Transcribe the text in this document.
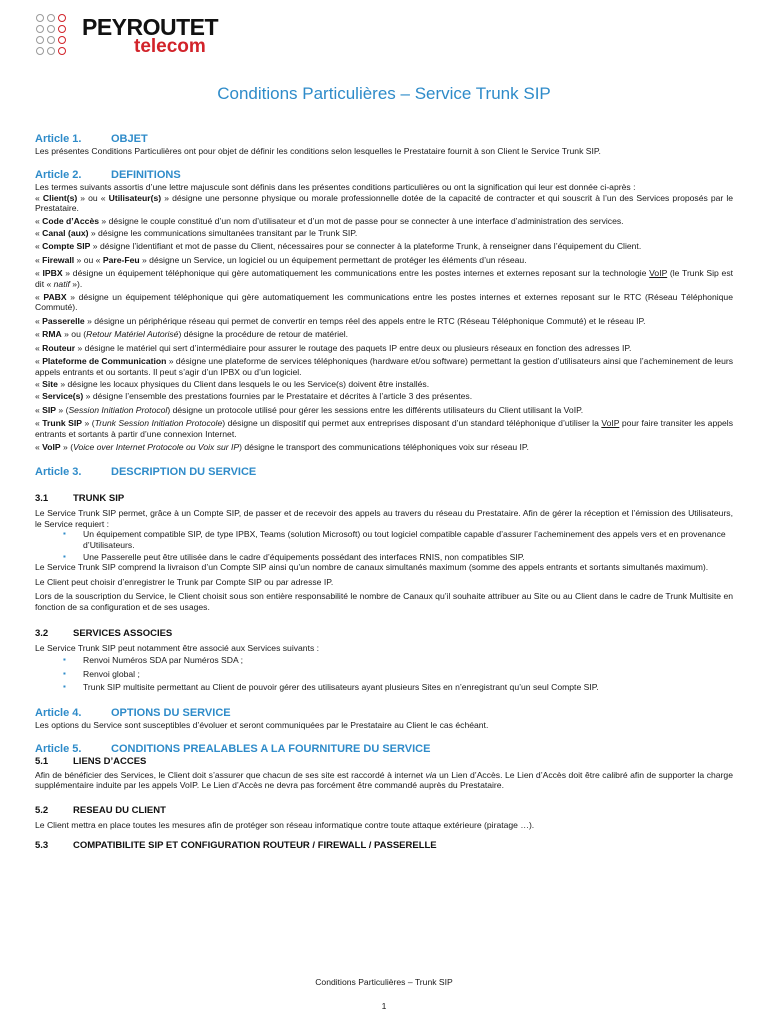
PEYROUTET
telecom
Conditions Particulières – Service Trunk SIP

Article 1.	OBJET

Les présentes Conditions Particulières ont pour objet de définir les conditions selon lesquelles le Prestataire fournit à son Client le Service Trunk SIP.

Article 2.	DEFINITIONS

Les termes suivants assortis d’une lettre majuscule sont définis dans les présentes conditions particulières ou ont la signification qui leur est donnée ci-après :

« Client(s) » ou « Utilisateur(s) » désigne une personne physique ou morale professionnelle dotée de la capacité de contracter et qui souscrit à l’un des Services proposés par le Prestataire.

« Code d’Accès » désigne le couple constitué d’un nom d’utilisateur et d’un mot de passe pour se connecter à une interface d’administration des services.

« Canal (aux) » désigne les communications simultanées transitant par le Trunk SIP.

« Compte SIP » désigne l’identifiant et mot de passe du Client, nécessaires pour se connecter à la plateforme Trunk, à renseigner dans l’équipement du Client.

« Firewall » ou « Pare-Feu » désigne un Service, un logiciel ou un équipement permettant de protéger les éléments d’un réseau.

« IPBX » désigne un équipement téléphonique qui gère automatiquement les communications entre les postes internes et externes reposant sur la technologie VoIP (le Trunk Sip est dit « natif »).

« PABX » désigne un équipement téléphonique qui gère automatiquement les communications entre les postes internes et externes reposant sur le RTC (Réseau Téléphonique Commuté).

« Passerelle » désigne un périphérique réseau qui permet de convertir en temps réel des appels entre le RTC (Réseau Téléphonique Commuté) et le réseau IP.

« RMA » ou (Retour Matériel Autorisé) désigne la procédure de retour de matériel.

« Routeur » désigne le matériel qui sert d’intermédiaire pour assurer le routage des paquets IP entre deux ou plusieurs réseaux en fonction des adresses IP.

« Plateforme de Communication » désigne une plateforme de services téléphoniques (hardware et/ou software) permettant la gestion d’utilisateurs ainsi que l’acheminement de leurs appels entrants et ou sortants. Il peut s’agir d’un IPBX ou d’un logiciel.

« Site » désigne les locaux physiques du Client dans lesquels le ou les Service(s) doivent être installés.

« Service(s) » désigne l’ensemble des prestations fournies par le Prestataire et décrites à l’article 3 des présentes.

« SIP » (Session Initiation Protocol) désigne un protocole utilisé pour gérer les sessions entre les différents utilisateurs du Client utilisant la VoIP.

« Trunk SIP » (Trunk Session Initiation Protocole) désigne un dispositif qui permet aux entreprises disposant d’un standard téléphonique d’utiliser la VoIP pour faire transiter les appels entrants et sortants à partir d’une connexion Internet.

« VoIP » (Voice over Internet Protocole ou Voix sur IP) désigne le transport des communications téléphoniques voix sur réseau IP.

Article 3.	DESCRIPTION DU SERVICE

3.1	TRUNK SIP

Le Service Trunk SIP permet, grâce à un Compte SIP, de passer et de recevoir des appels au travers du réseau du Prestataire. Afin de gérer la réception et l’émission des Utilisateurs, le Service requiert :

▪ Un équipement compatible SIP, de type IPBX, Teams (solution Microsoft) ou tout logiciel compatible capable d’assurer l’acheminement des appels vers et en provenance d’Utilisateurs.
▪ Une Passerelle peut être utilisée dans le cadre d’équipements possédant des interfaces RNIS, non compatibles SIP.

Le Service Trunk SIP comprend la livraison d’un Compte SIP ainsi qu’un nombre de canaux simultanés maximum (somme des appels entrants et sortants simultanés maximum).

Le Client peut choisir d’enregistrer le Trunk par Compte SIP ou par adresse IP.

Lors de la souscription du Service, le Client choisit sous son entière responsabilité le nombre de Canaux qu’il souhaite attribuer au Site ou au Client dans le cadre de Trunk Multisite en fonction de sa configuration et de ses usages.

3.2	SERVICES ASSOCIES

Le Service Trunk SIP peut notamment être associé aux Services suivants :

▪ Renvoi Numéros SDA par Numéros SDA ;
▪ Renvoi global ;
▪ Trunk SIP multisite permettant au Client de pouvoir gérer des utilisateurs ayant plusieurs Sites en n’enregistrant qu’un seul Compte SIP.

Article 4.	OPTIONS DU SERVICE

Les options du Service sont susceptibles d’évoluer et seront communiquées par le Prestataire au Client le cas échéant.

Article 5.	CONDITIONS PREALABLES A LA FOURNITURE DU SERVICE

5.1	LIENS D’ACCES

Afin de bénéficier des Services, le Client doit s’assurer que chacun de ses site est raccordé à internet via un Lien d’Accès. Le Lien d’Accès doit être calibré afin de supporter la charge supplémentaire induite par les appels VoIP. Le Lien d’Accès ne devra pas forcément être commandé auprès du Prestataire.

5.2	RESEAU DU CLIENT

Le Client mettra en place toutes les mesures afin de protéger son réseau informatique contre toute attaque extérieure (piratage …).

5.3	COMPATIBILITE SIP ET CONFIGURATION ROUTEUR / FIREWALL / PASSERELLE

Conditions Particulières – Trunk SIP
1
